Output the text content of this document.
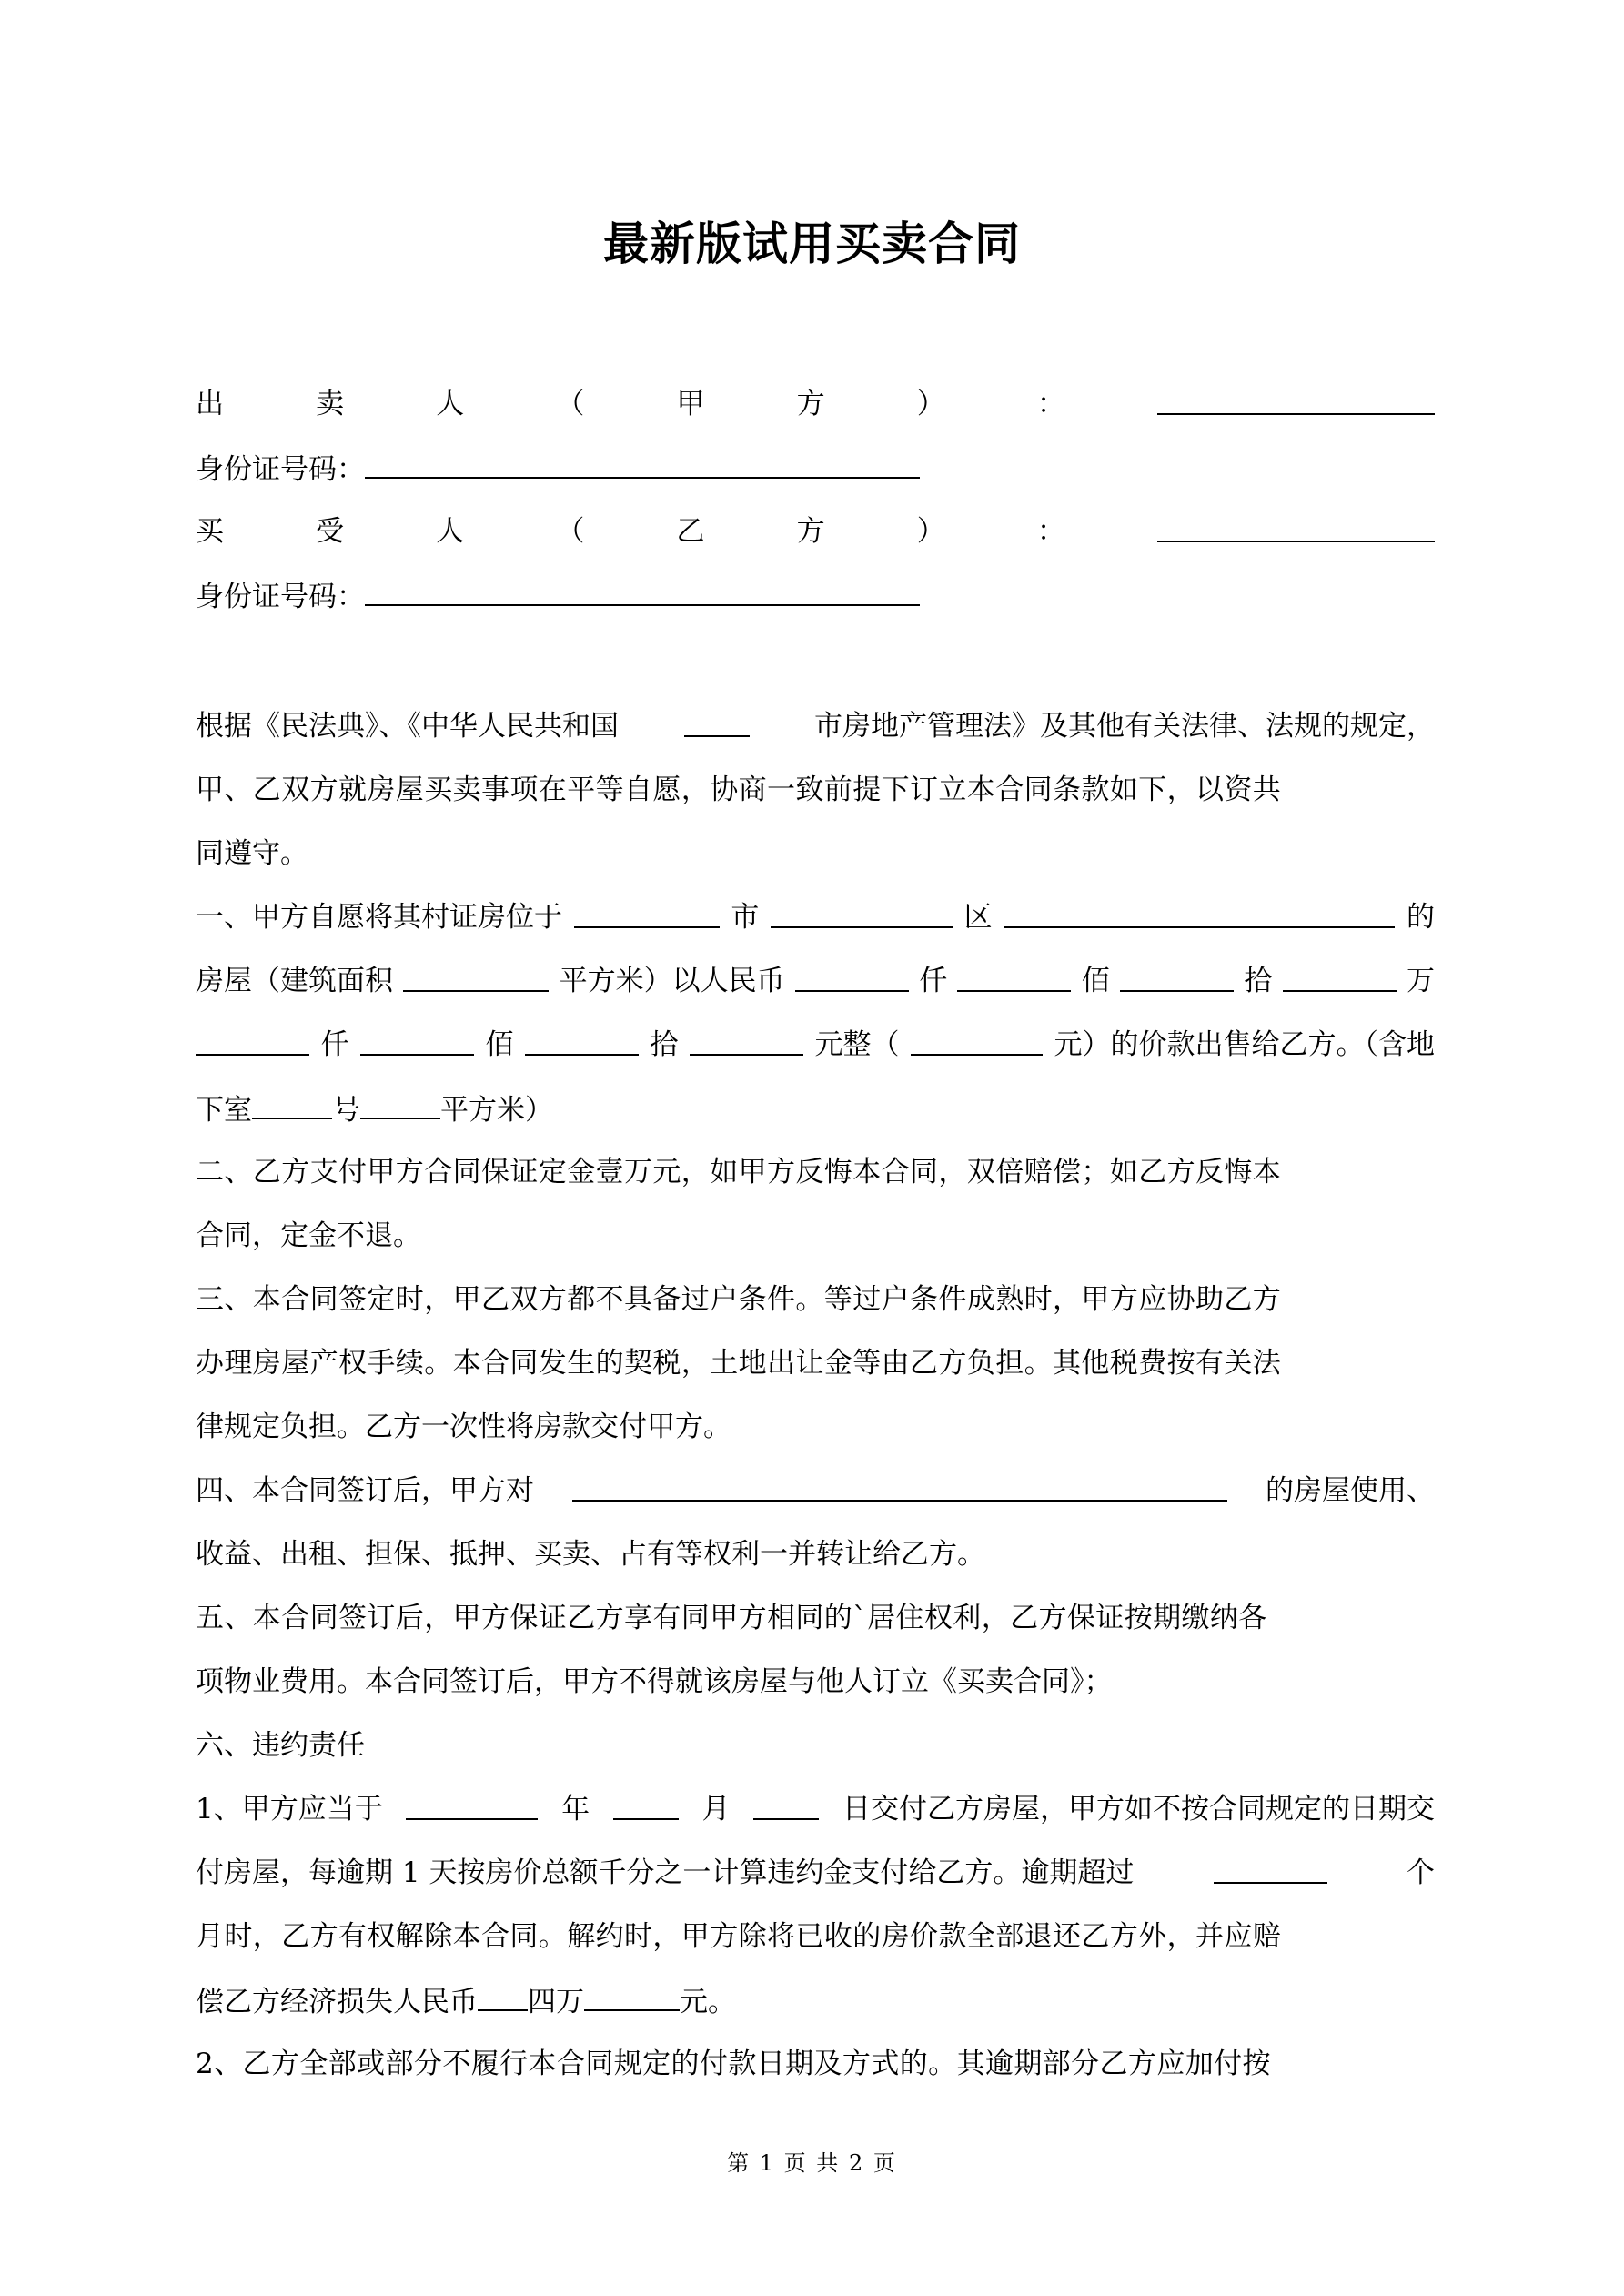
最新版试用买卖合同
出	卖	人	（	甲	方	）	：
身份证号码：
买	受	人	（	乙	方	）	：
身份证号码：
根据《民法典》、《中华人民共和国	市房地产管理法》及其他有关法律、法规的规定，
甲、乙双方就房屋买卖事项在平等自愿，协商一致前提下订立本合同条款如下，以资共
同遵守。
一、甲方自愿将其村证房位于	市	区	的
房屋（建筑面积	平方米）以人民币	仟	佰	拾	万
仟	佰	拾	元整（	元）的价款出售给乙方。（含地
下室	号	平方米）
二、乙方支付甲方合同保证定金壹万元，如甲方反悔本合同，双倍赔偿；如乙方反悔本
合同，定金不退。
三、本合同签定时，甲乙双方都不具备过户条件。等过户条件成熟时，甲方应协助乙方
办理房屋产权手续。本合同发生的契税，土地出让金等由乙方负担。其他税费按有关法
律规定负担。乙方一次性将房款交付甲方。
四、本合同签订后，甲方对	的房屋使用、
收益、出租、担保、抵押、买卖、占有等权利一并转让给乙方。
五、本合同签订后，甲方保证乙方享有同甲方相同的`居住权利，乙方保证按期缴纳各
项物业费用。本合同签订后，甲方不得就该房屋与他人订立《买卖合同》；
六、违约责任
1、甲方应当于	年	月	日交付乙方房屋，甲方如不按合同规定的日期交
付房屋，每逾期 1 天按房价总额千分之一计算违约金支付给乙方。逾期超过	个
月时，乙方有权解除本合同。解约时，甲方除将已收的房价款全部退还乙方外，并应赔
偿乙方经济损失人民币 四万	元。
2、乙方全部或部分不履行本合同规定的付款日期及方式的。其逾期部分乙方应加付按
第 1 页 共 2 页
